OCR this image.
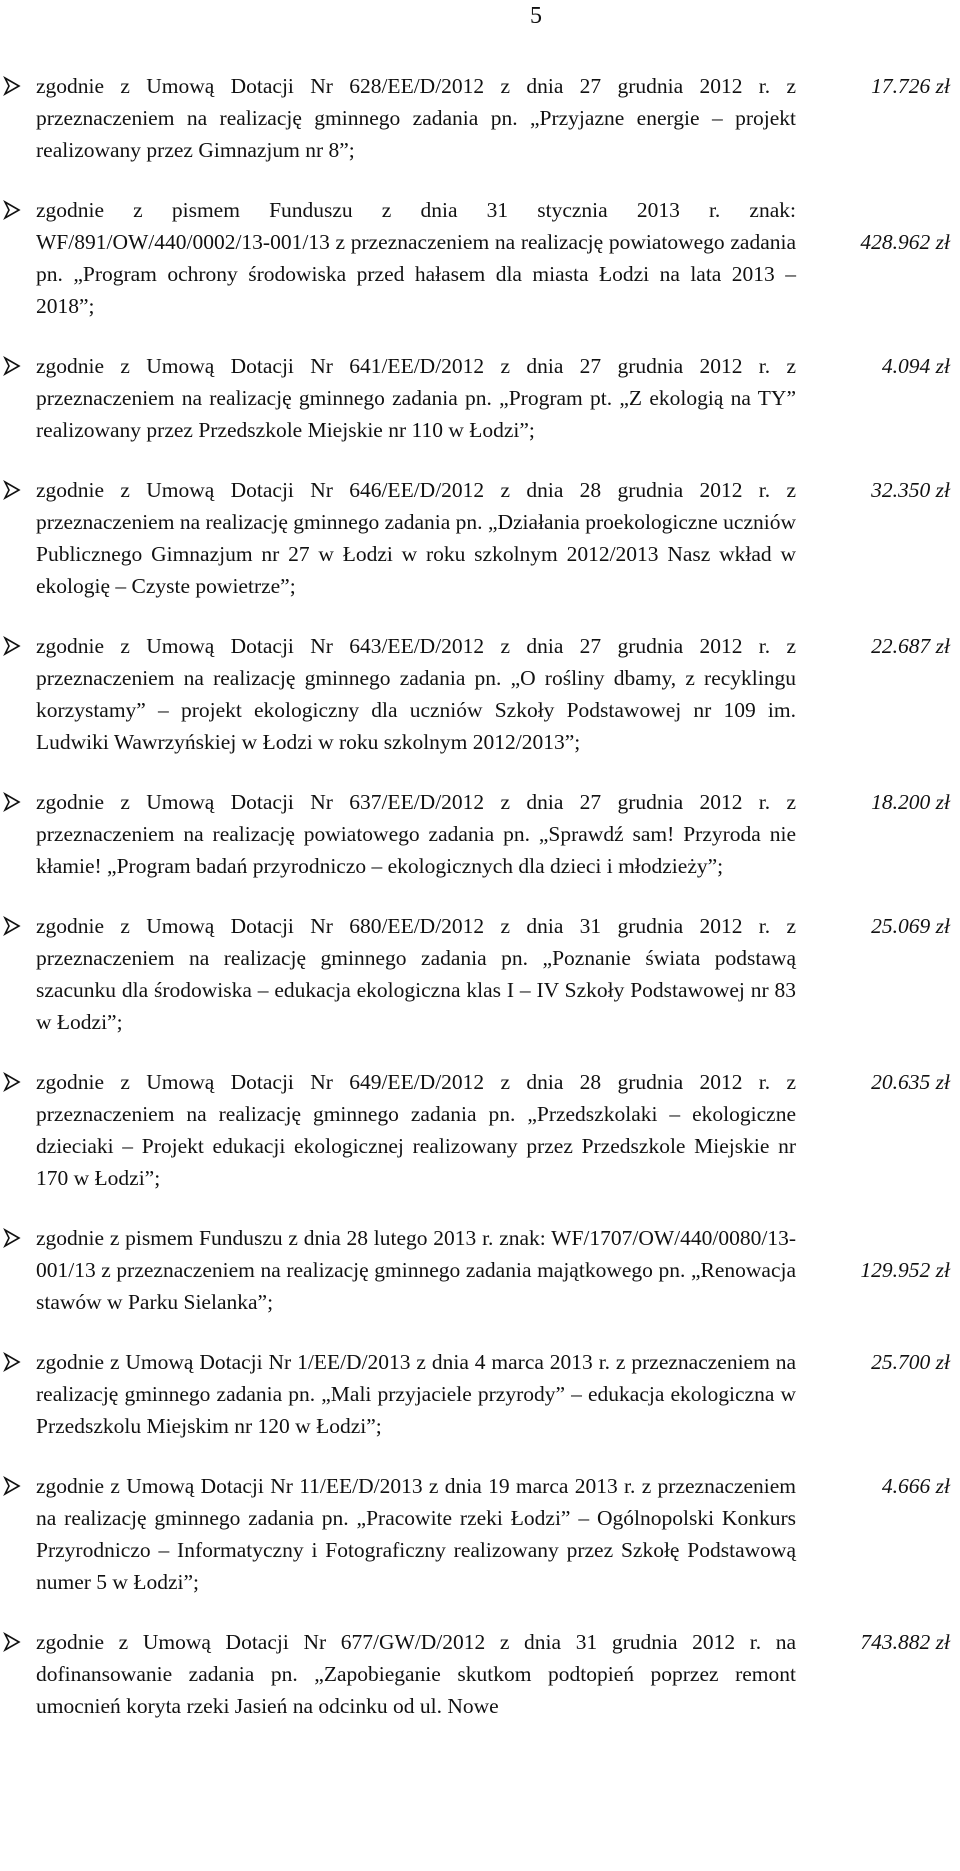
5
zgodnie z Umową Dotacji Nr 628/EE/D/2012 z dnia 27 grudnia 2012 r. z przeznaczeniem na realizację gminnego zadania pn. „Przyjazne energie – projekt realizowany przez Gimnazjum nr 8”;
17.726 zł
zgodnie z pismem Funduszu z dnia 31 stycznia 2013 r. znak: WF/891/OW/440/0002/13-001/13 z przeznaczeniem na realizację powiatowego zadania pn. „Program ochrony środowiska przed hałasem dla miasta Łodzi na lata 2013 – 2018”;
428.962 zł
zgodnie z Umową Dotacji Nr 641/EE/D/2012 z dnia 27 grudnia 2012 r. z przeznaczeniem na realizację gminnego zadania pn. „Program pt. „Z ekologią na TY” realizowany przez Przedszkole Miejskie nr 110 w Łodzi”;
4.094 zł
zgodnie z Umową Dotacji Nr 646/EE/D/2012 z dnia 28 grudnia 2012 r. z przeznaczeniem na realizację gminnego zadania pn. „Działania proekologiczne uczniów Publicznego Gimnazjum nr 27 w Łodzi w roku szkolnym 2012/2013 Nasz wkład w ekologię – Czyste powietrze”;
32.350 zł
zgodnie z Umową Dotacji Nr 643/EE/D/2012 z dnia 27 grudnia 2012 r. z przeznaczeniem na realizację gminnego zadania pn. „O rośliny dbamy, z recyklingu korzystamy” – projekt ekologiczny dla uczniów Szkoły Podstawowej nr 109 im. Ludwiki Wawrzyńskiej w Łodzi w roku szkolnym 2012/2013”;
22.687 zł
zgodnie z Umową Dotacji Nr 637/EE/D/2012 z dnia 27 grudnia 2012 r. z przeznaczeniem na realizację powiatowego zadania pn. „Sprawdź sam! Przyroda nie kłamie! „Program badań przyrodniczo – ekologicznych dla dzieci i młodzieży”;
18.200 zł
zgodnie z Umową Dotacji Nr 680/EE/D/2012 z dnia 31 grudnia 2012 r. z przeznaczeniem na realizację gminnego zadania pn. „Poznanie świata podstawą szacunku dla środowiska – edukacja ekologiczna klas I – IV Szkoły Podstawowej nr 83 w Łodzi”;
25.069 zł
zgodnie z Umową Dotacji Nr 649/EE/D/2012 z dnia 28 grudnia 2012 r. z przeznaczeniem na realizację gminnego zadania pn. „Przedszkolaki – ekologiczne dzieciaki – Projekt edukacji ekologicznej realizowany przez Przedszkole Miejskie nr 170 w Łodzi”;
20.635 zł
zgodnie z pismem Funduszu z dnia 28 lutego 2013 r. znak: WF/1707/OW/440/0080/13-001/13 z przeznaczeniem na realizację gminnego zadania majątkowego pn. „Renowacja stawów w Parku Sielanka”;
129.952 zł
zgodnie z Umową Dotacji Nr 1/EE/D/2013 z dnia 4 marca 2013 r. z przeznaczeniem na realizację gminnego zadania pn. „Mali przyjaciele przyrody” – edukacja ekologiczna w Przedszkolu Miejskim nr 120 w Łodzi”;
25.700 zł
zgodnie z Umową Dotacji Nr 11/EE/D/2013 z dnia 19 marca 2013 r. z przeznaczeniem na realizację gminnego zadania pn. „Pracowite rzeki Łodzi” – Ogólnopolski Konkurs Przyrodniczo – Informatyczny i Fotograficzny realizowany przez Szkołę Podstawową numer 5 w Łodzi”;
4.666 zł
zgodnie z Umową Dotacji Nr 677/GW/D/2012 z dnia 31 grudnia 2012 r. na dofinansowanie zadania pn. „Zapobieganie skutkom podtopień poprzez remont umocnień koryta rzeki Jasień na odcinku od ul. Nowe
743.882 zł
